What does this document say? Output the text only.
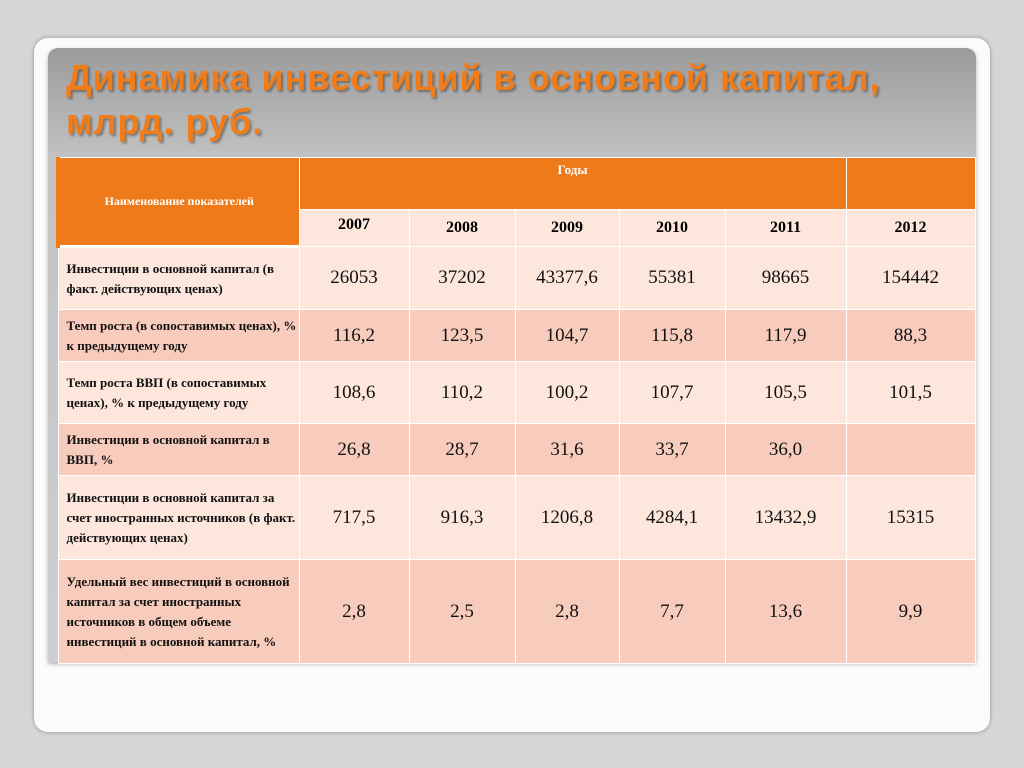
Динамика инвестиций в основной капитал, млрд. руб.
Наименование показателей	Годы					
	2007	2008	2009	2010	2011	2012
Инвестиции в основной капитал (в факт. действующих ценах)	26053	37202	43377,6	55381	98665	154442
Темп роста (в сопоставимых ценах), % к предыдущему году	116,2	123,5	104,7	115,8	117,9	88,3
Темп роста ВВП (в сопоставимых ценах), % к предыдущему году	108,6	110,2	100,2	107,7	105,5	101,5
Инвестиции в основной капитал в ВВП, %	26,8	28,7	31,6	33,7	36,0	
Инвестиции в основной капитал за счет иностранных источников (в факт. действующих ценах)	717,5	916,3	1206,8	4284,1	13432,9	15315
Удельный вес инвестиций в основной капитал за счет иностранных источников в общем объеме инвестиций в основной капитал, %	2,8	2,5	2,8	7,7	13,6	9,9
